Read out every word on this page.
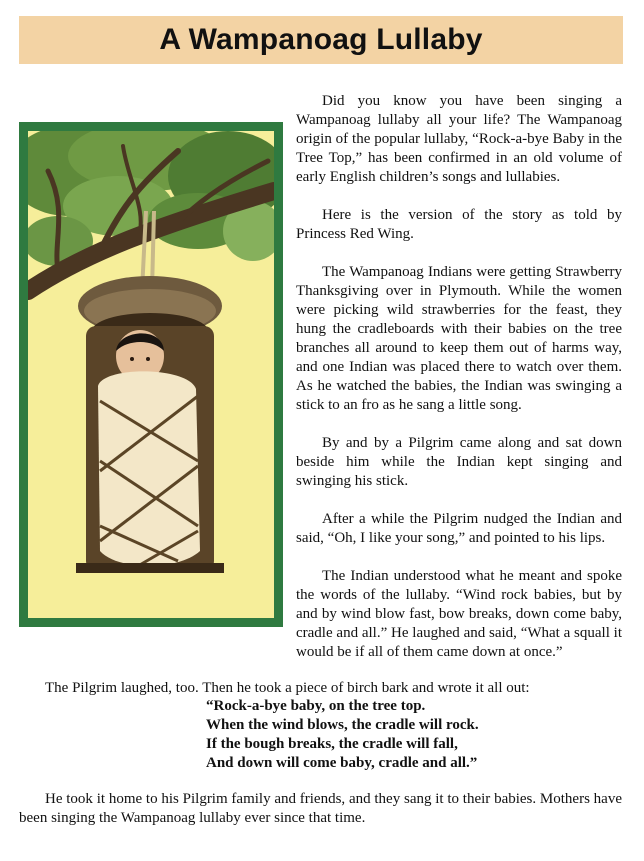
A Wampanoag Lullaby

Did you know you have been singing a Wampanoag lullaby all your life? The Wampanoag origin of the popular lullaby, “Rock-a-bye Baby in the Tree Top,” has been confirmed in an old volume of early English children’s songs and lullabies.

Here is the version of the story as told by Princess Red Wing.

The Wampanoag Indians were getting Strawberry Thanksgiving over in Plymouth. While the women were picking wild strawberries for the feast, they hung the cradleboards with their babies on the tree branches all around to keep them out of harms way, and one Indian was placed there to watch over them. As he watched the babies, the Indian was swinging a stick to an fro as he sang a little song.

By and by a Pilgrim came along and sat down beside him while the Indian kept singing and swinging his stick.

After a while the Pilgrim nudged the Indian and said, “Oh, I like your song,” and pointed to his lips.

The Indian understood what he meant and spoke the words of the lullaby. “Wind rock babies, but by and by wind blow fast, bow breaks, down come baby, cradle and all.” He laughed and said, “What a squall it would be if all of them came down at once.”

The Pilgrim laughed, too. Then he took a piece of birch bark and wrote it all out:
“Rock-a-bye baby, on the tree top.
When the wind blows, the cradle will rock.
If the bough breaks, the cradle will fall,
And down will come baby, cradle and all.”
He took it home to his Pilgrim family and friends, and they sang it to their babies. Mothers have been singing the Wampanoag lullaby ever since that time.
